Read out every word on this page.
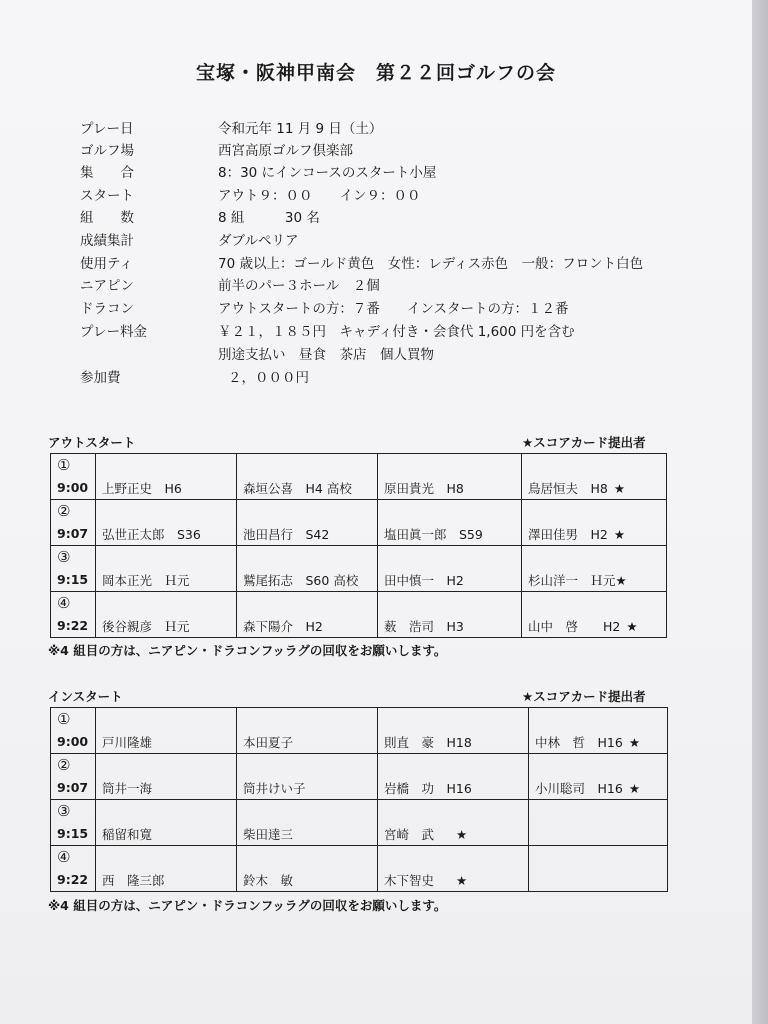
宝塚・阪神甲南会　第２２回ゴルフの会
プレー日	令和元年 11 月 9 日（土）
ゴルフ場	西宮高原ゴルフ倶楽部
集　　合	8：30 にインコースのスタート小屋
スタート	アウト９：００　　イン９：００
組　　数	8 組　　　30 名
成績集計	ダブルペリア
使用ティ	70 歳以上：ゴールド黄色　女性：レディス赤色　一般：フロント白色
ニアピン	前半のパー３ホール　２個
ドラコン	アウトスタートの方：７番　　インスタートの方：１２番
プレー料金	￥２１，１８５円　キャディ付き・会食代 1,600 円を含む
別途支払い　昼食　茶店　個人買物
参加費	２，０００円
アウトスタート	★スコアカード提出者
①
9:00	上野正史　H6	森垣公喜　H4 高校	原田貴光　H8	鳥居恒夫　H8 ★

②
9:07	弘世正太郎　S36	池田昌行　S42	塩田眞一郎　S59	澤田佳男　H2 ★

③
9:15	岡本正光　Ｈ元	鷲尾拓志　S60 高校	田中慎一　H2	杉山洋一　Ｈ元★

④
9:22	後谷親彦　Ｈ元	森下陽介　H2	薮　浩司　H3	山中　啓　　H2 ★
※4 組目の方は、ニアピン・ドラコンフッラグの回収をお願いします。
インスタート	★スコアカード提出者
①
9:00	戸川隆雄	本田夏子	則直　豪　H18	中林　哲　H16 ★

②
9:07	筒井一海	筒井けい子	岩橋　功　H16	小川聡司　H16 ★

③
9:15	稲留和寛	柴田達三	宮崎　武 ★	

④
9:22	西　隆三郎	鈴木　敏	木下智史 ★	

※4 組目の方は、ニアピン・ドラコンフッラグの回収をお願いします。
